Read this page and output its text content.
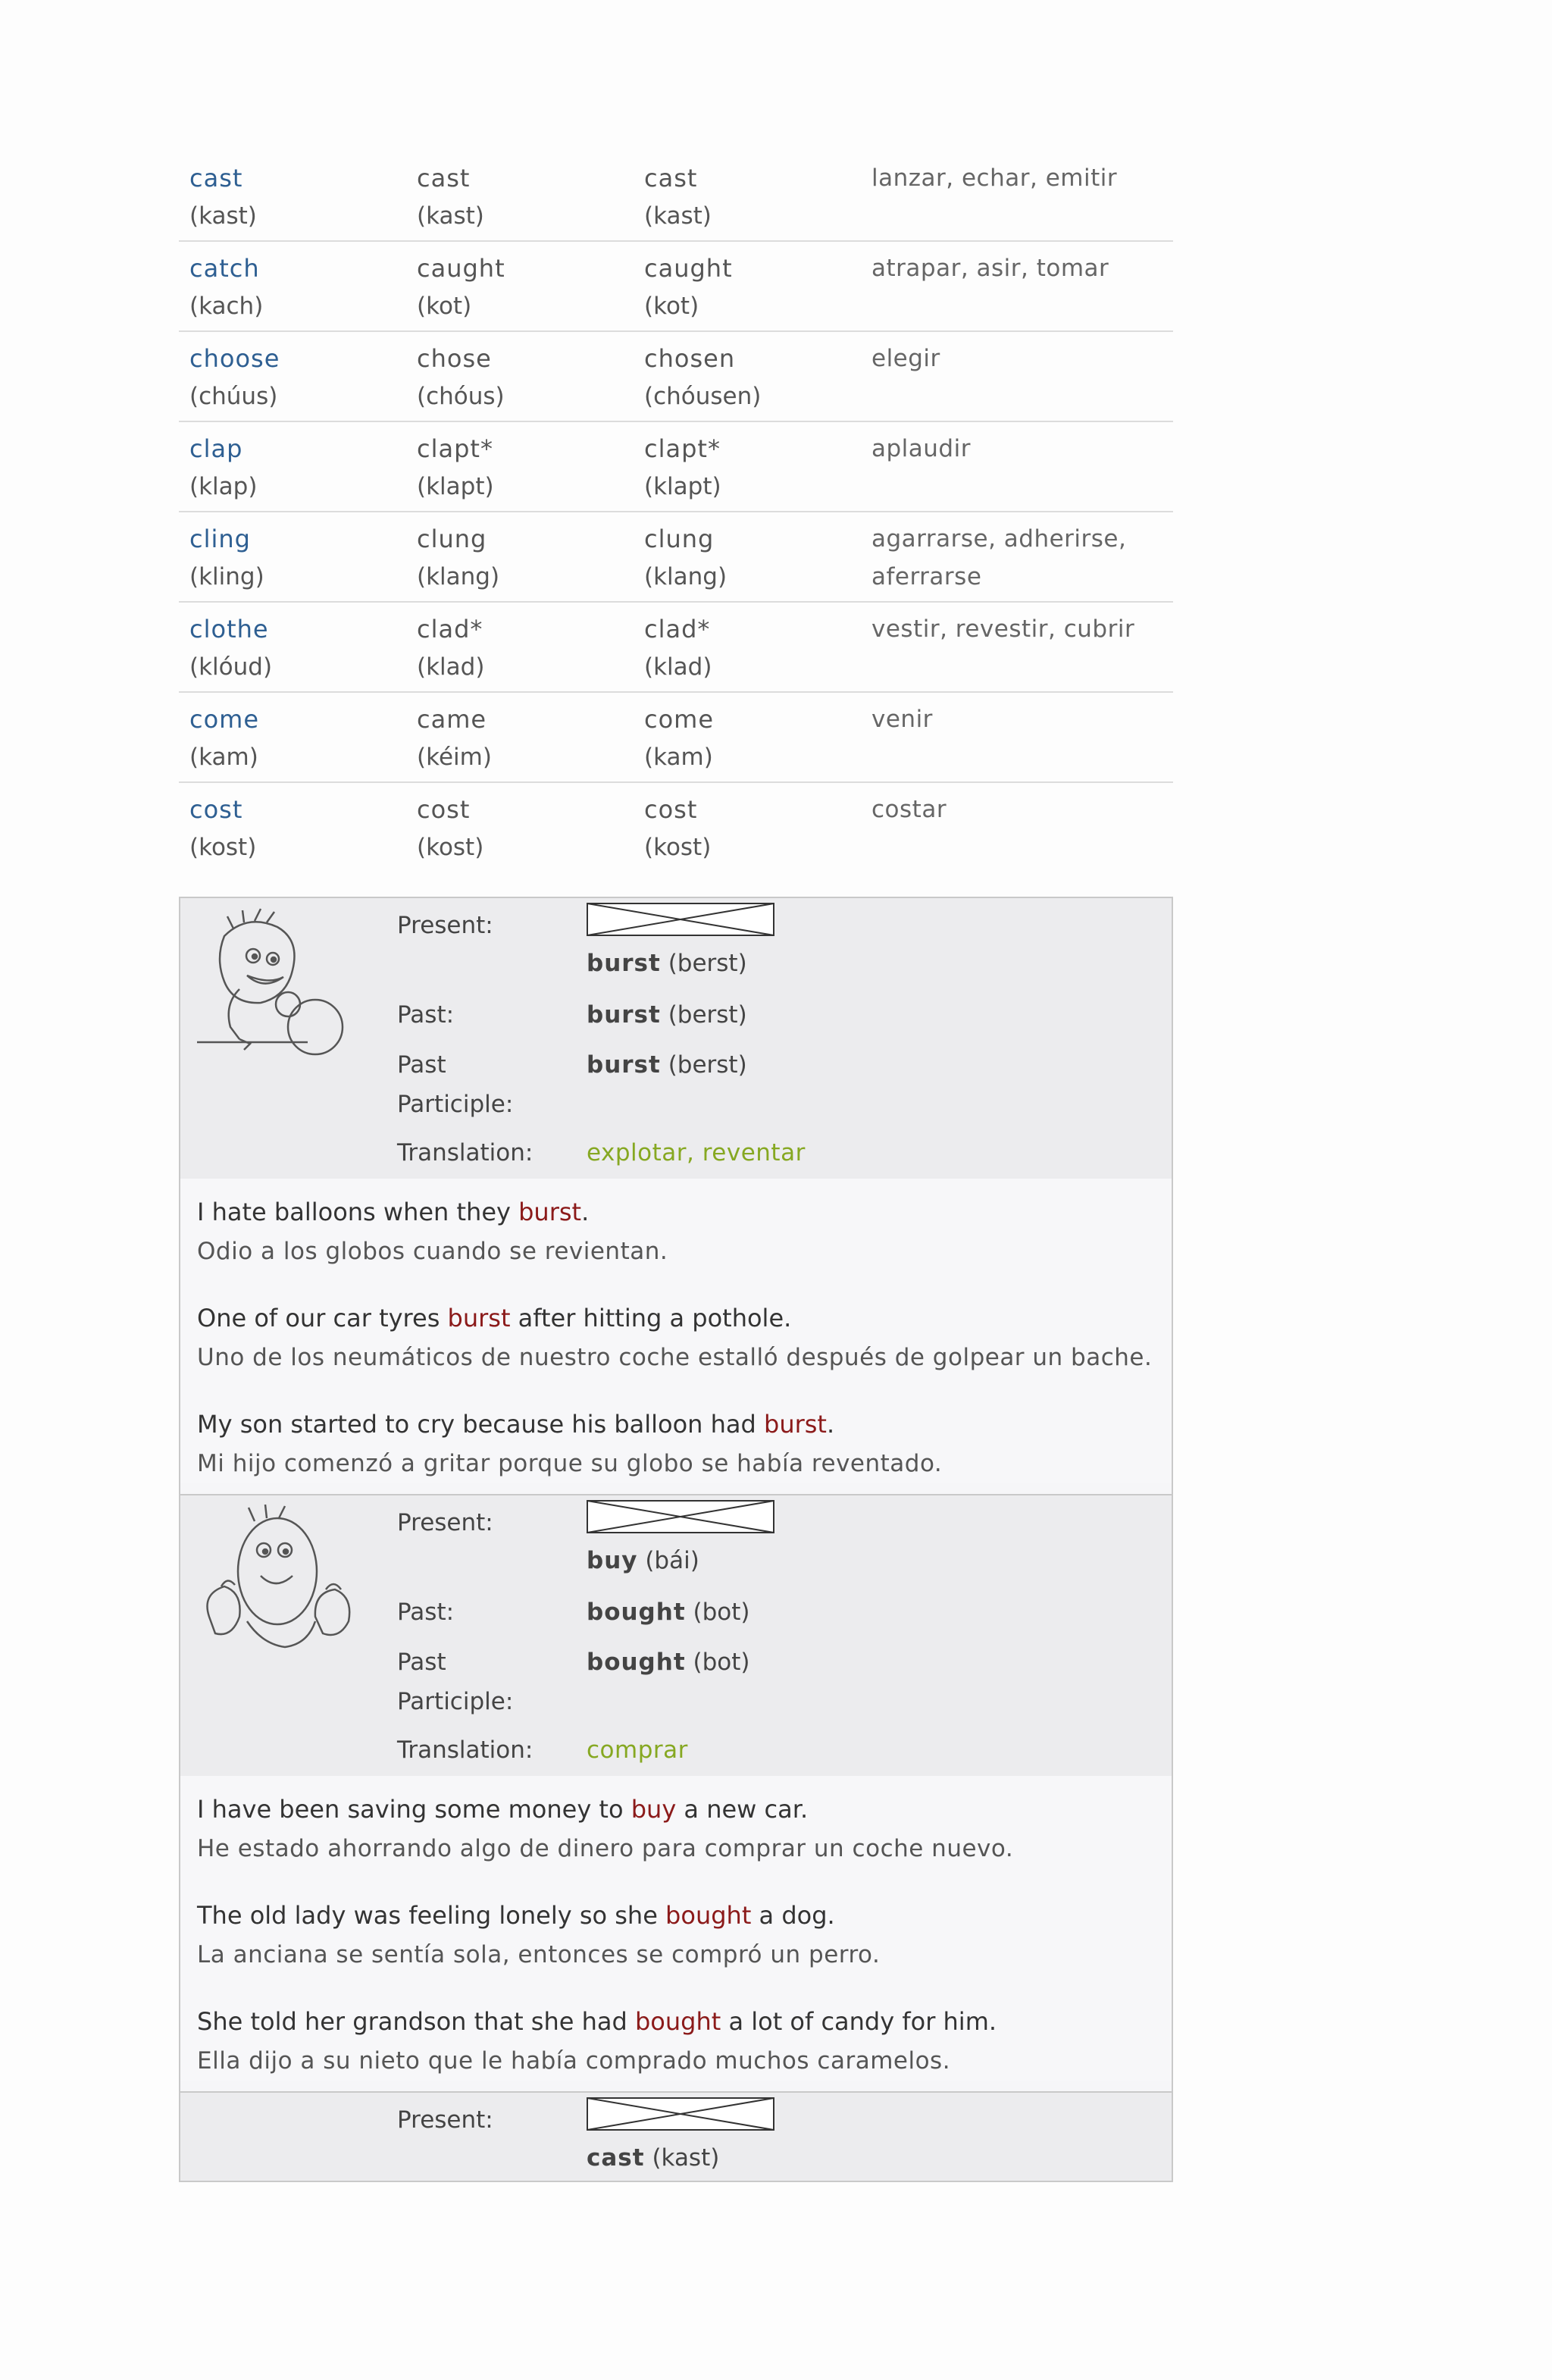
cast
(kast)
cast
(kast)
cast
(kast)
lanzar, echar, emitir
catch
(kach)
caught
(kot)
caught
(kot)
atrapar, asir, tomar
choose
(chúus)
chose
(chóus)
chosen
(chóusen)
elegir
clap
(klap)
clapt*
(klapt)
clapt*
(klapt)
aplaudir
cling
(kling)
clung
(klang)
clung
(klang)
agarrarse, adherirse, aferrarse
clothe
(klóud)
clad*
(klad)
clad*
(klad)
vestir, revestir, cubrir
come
(kam)
came
(kéim)
come
(kam)
venir
cost
(kost)
cost
(kost)
cost
(kost)
costar
Present:
burst (berst)
Past:	burst (berst)
Past
Participle:
burst (berst)
Translation: explotar, reventar

I hate balloons when they burst.
Odio a los globos cuando se revientan.

One of our car tyres burst after hitting a pothole.
Uno de los neumáticos de nuestro coche estalló después de golpear un bache.

My son started to cry because his balloon had burst.
Mi hijo comenzó a gritar porque su globo se había reventado.

Present:
buy (bái)
Past:	bought (bot)
Past
Participle:
bought (bot)
Translation: comprar

I have been saving some money to buy a new car.
He estado ahorrando algo de dinero para comprar un coche nuevo.

The old lady was feeling lonely so she bought a dog.
La anciana se sentía sola, entonces se compró un perro.

She told her grandson that she had bought a lot of candy for him.
Ella dijo a su nieto que le había comprado muchos caramelos.

Present:
cast (kast)
